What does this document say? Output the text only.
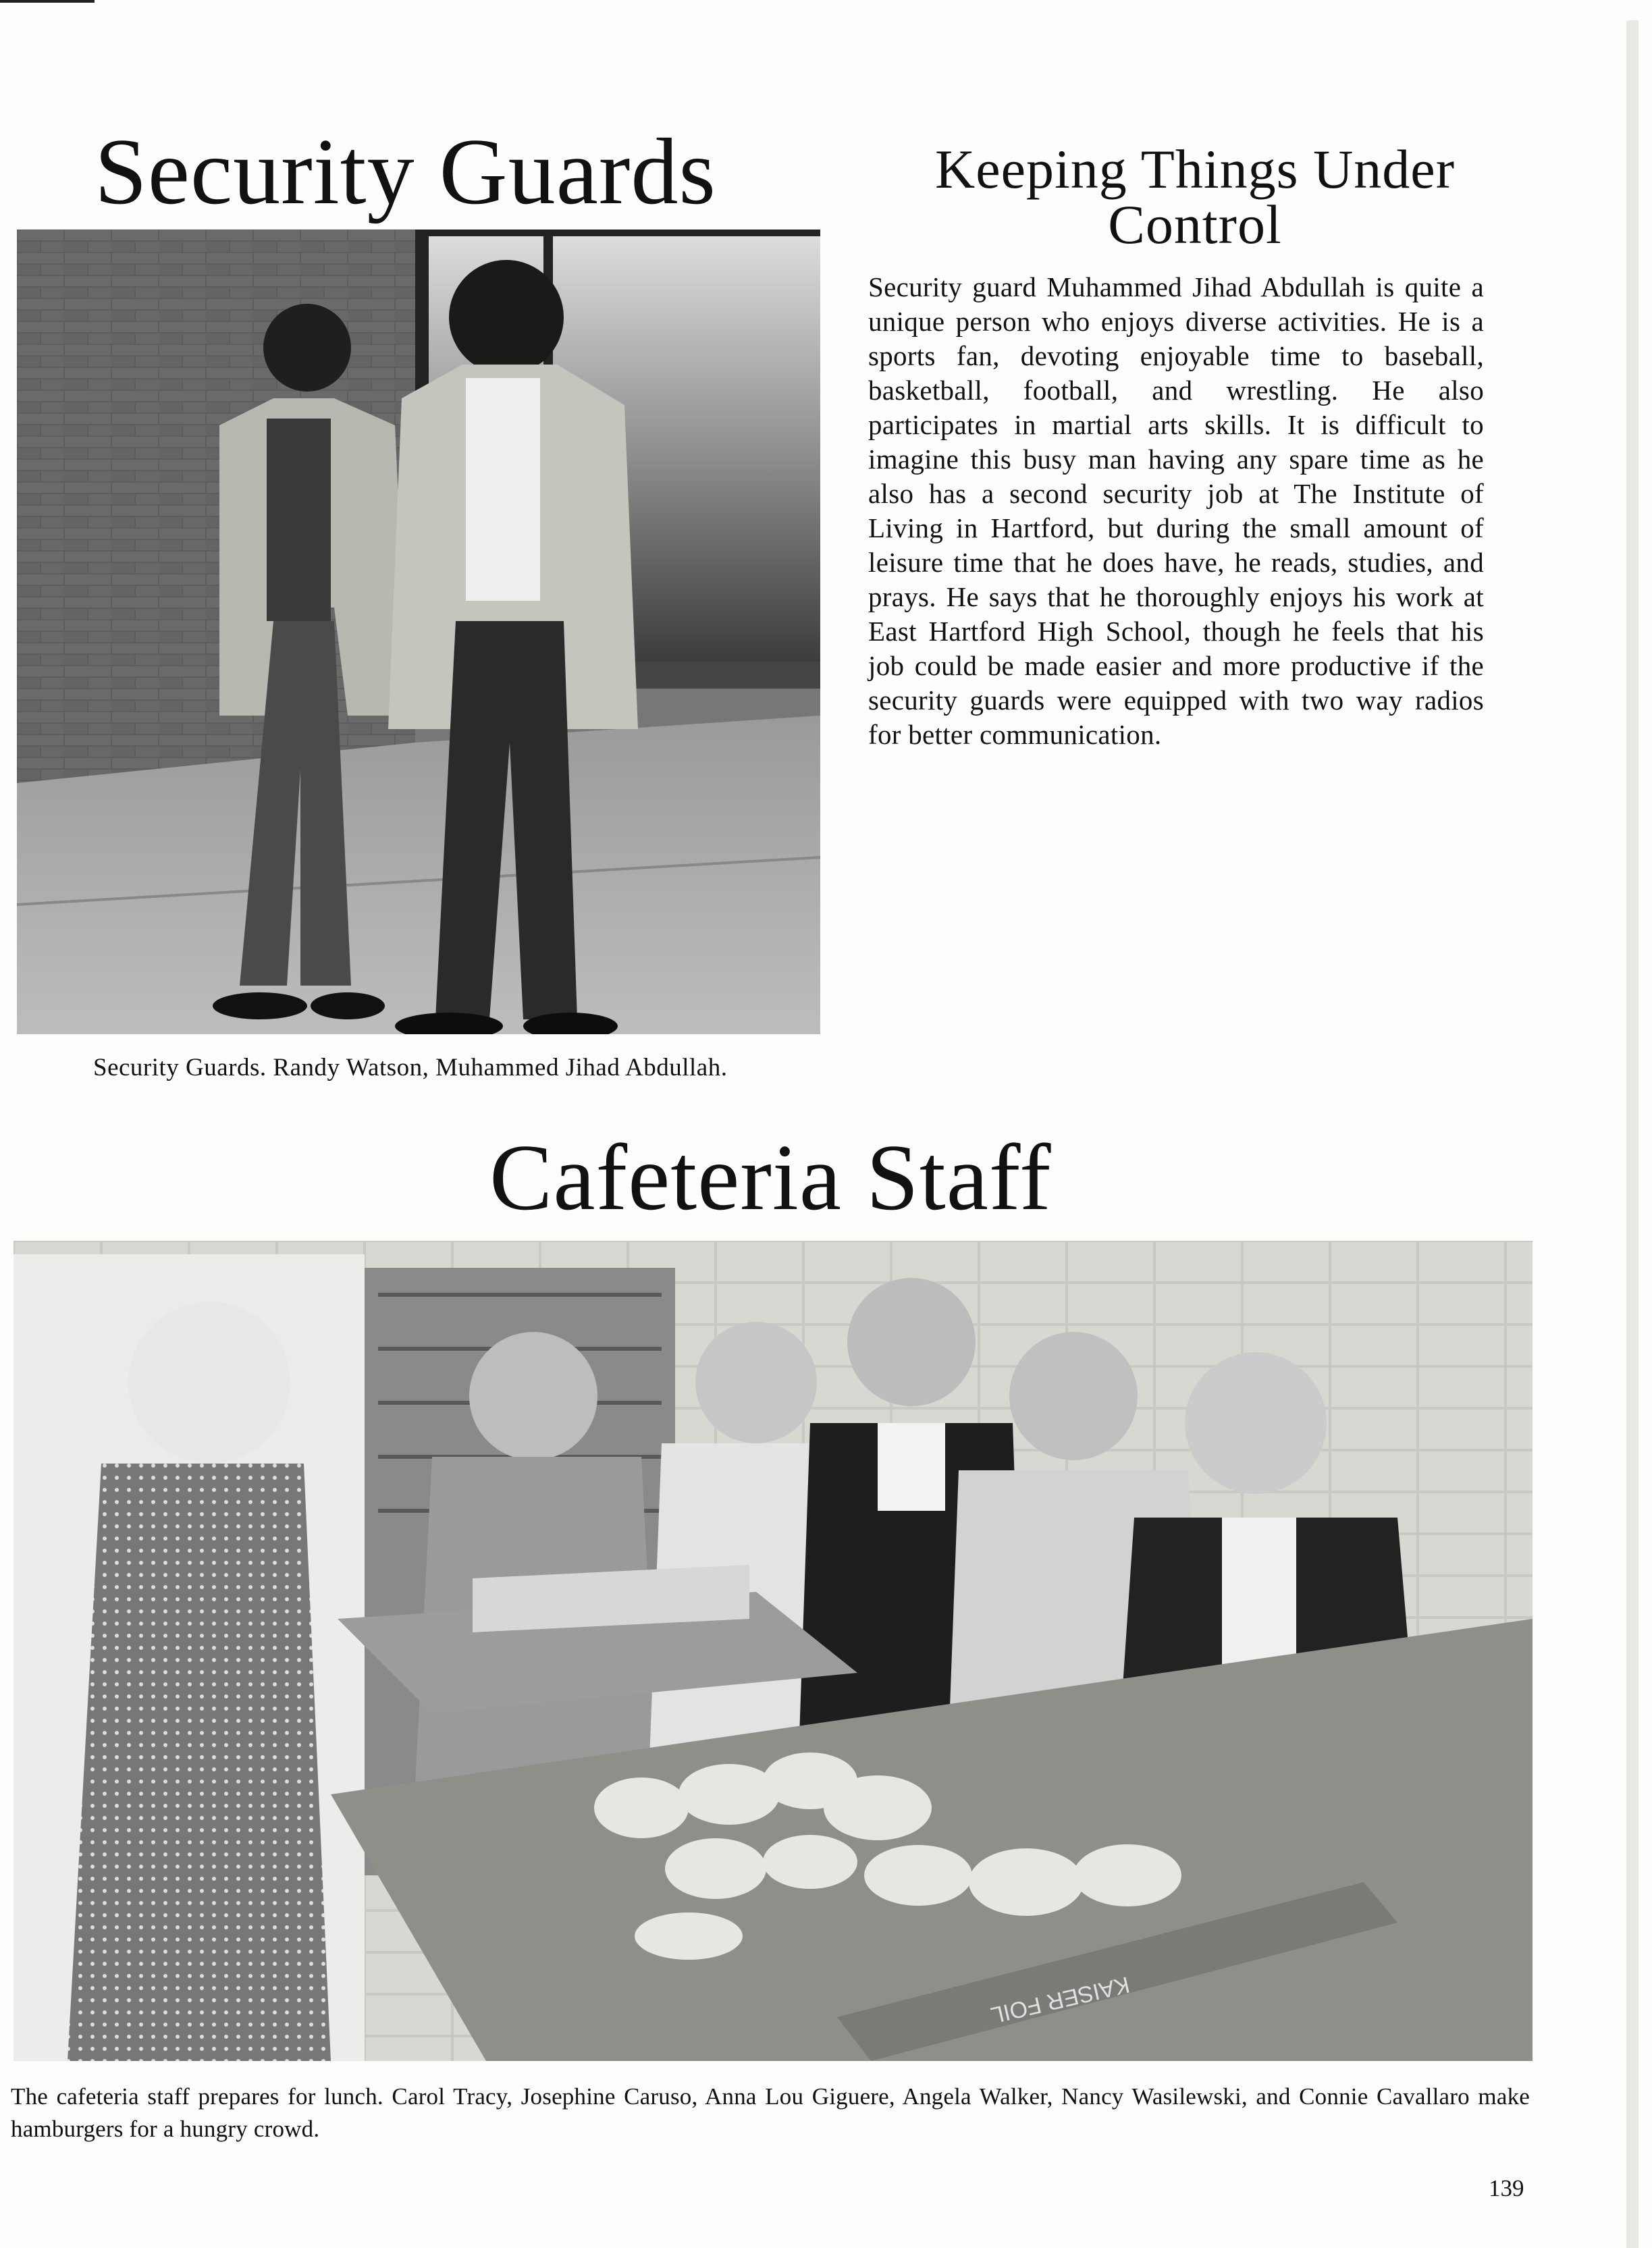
Security Guards

Security Guards. Randy Watson, Muhammed Jihad Abdullah.

Keeping Things Under Control

Security guard Muhammed Jihad Abdullah is quite a unique person who enjoys diverse activities. He is a sports fan, devoting enjoyable time to baseball, basketball, football, and wrestling. He also participates in martial arts skills. It is difficult to imagine this busy man having any spare time as he also has a second security job at The Institute of Living in Hartford, but during the small amount of leisure time that he does have, he reads, studies, and prays. He says that he thoroughly enjoys his work at East Hartford High School, though he feels that his job could be made easier and more productive if the security guards were equipped with two way radios for better communication.

Cafeteria Staff
KAISER FOIL

The cafeteria staff prepares for lunch. Carol Tracy, Josephine Caruso, Anna Lou Giguere, Angela Walker, Nancy Wasilewski, and Connie Cavallaro make hamburgers for a hungry crowd.

139
